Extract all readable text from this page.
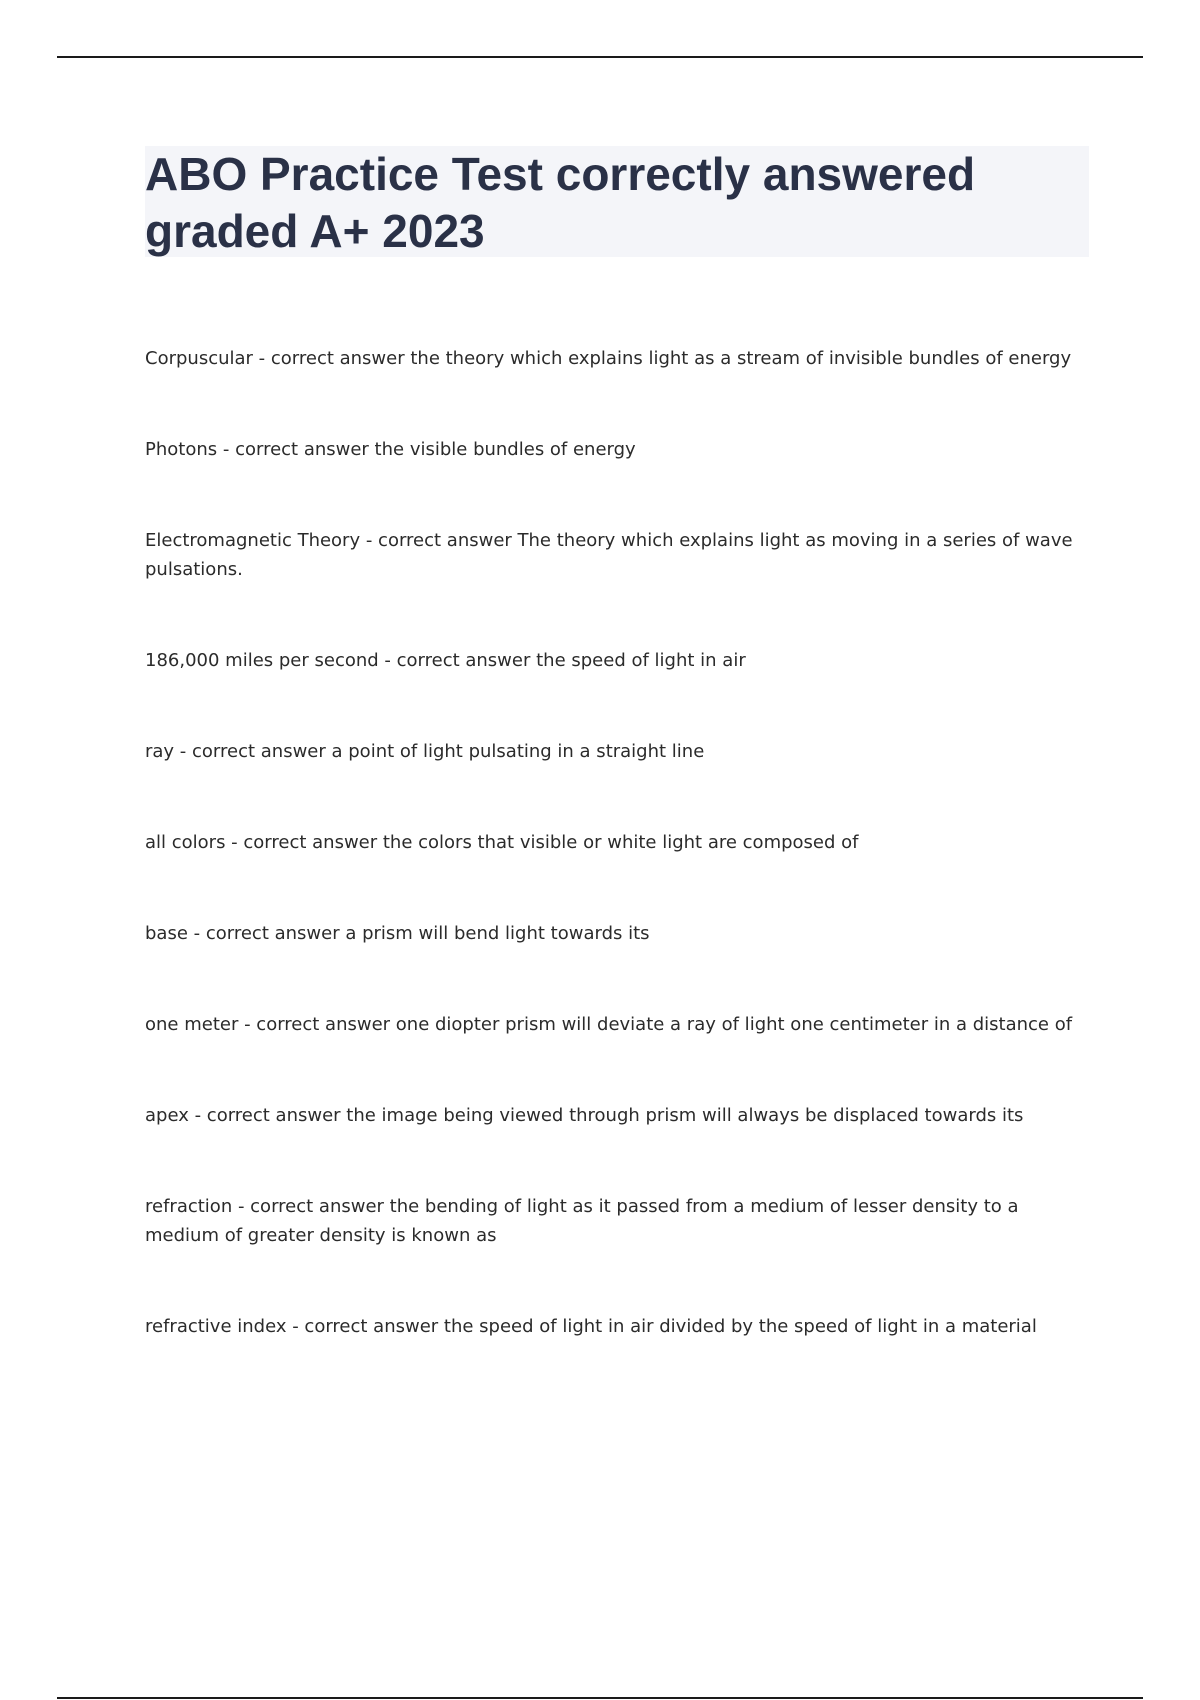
ABO Practice Test correctly answered graded A+ 2023
Corpuscular - correct answer the theory which explains light as a stream of invisible bundles of energy
Photons - correct answer the visible bundles of energy
Electromagnetic Theory - correct answer The theory which explains light as moving in a series of wave pulsations.
186,000 miles per second - correct answer the speed of light in air
ray - correct answer a point of light pulsating in a straight line
all colors - correct answer the colors that visible or white light are composed of
base - correct answer a prism will bend light towards its
one meter - correct answer one diopter prism will deviate a ray of light one centimeter in a distance of
apex - correct answer the image being viewed through prism will always be displaced towards its
refraction - correct answer the bending of light as it passed from a medium of lesser density to a medium of greater density is known as
refractive index - correct answer the speed of light in air divided by the speed of light in a material
